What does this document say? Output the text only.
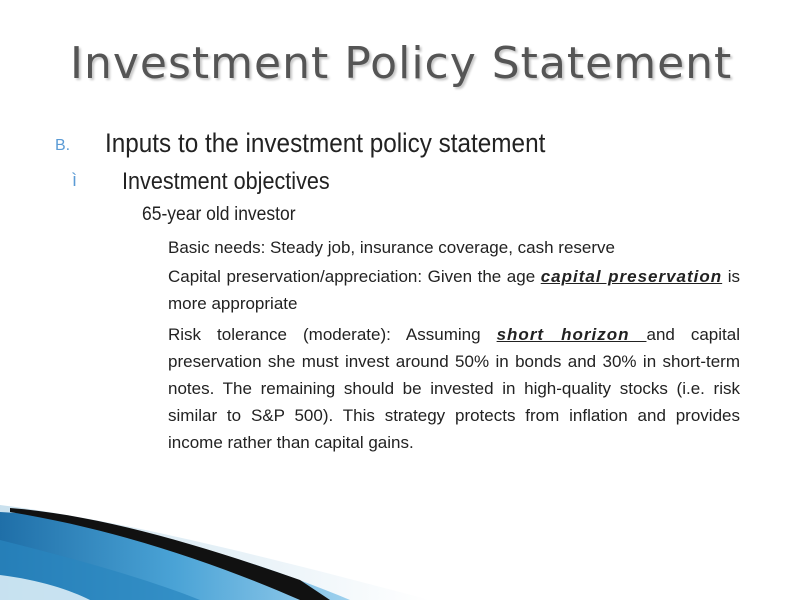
Investment Policy Statement
B. Inputs to the investment policy statement
ì Investment objectives
65-year old investor
Basic needs: Steady job, insurance coverage, cash reserve
Capital preservation/appreciation: Given the age capital preservation is more appropriate
Risk tolerance (moderate): Assuming short horizon and capital preservation she must invest around 50% in bonds and 30% in short-term notes. The remaining should be invested in high-quality stocks (i.e. risk similar to S&P 500). This strategy protects from inflation and provides income rather than capital gains.
